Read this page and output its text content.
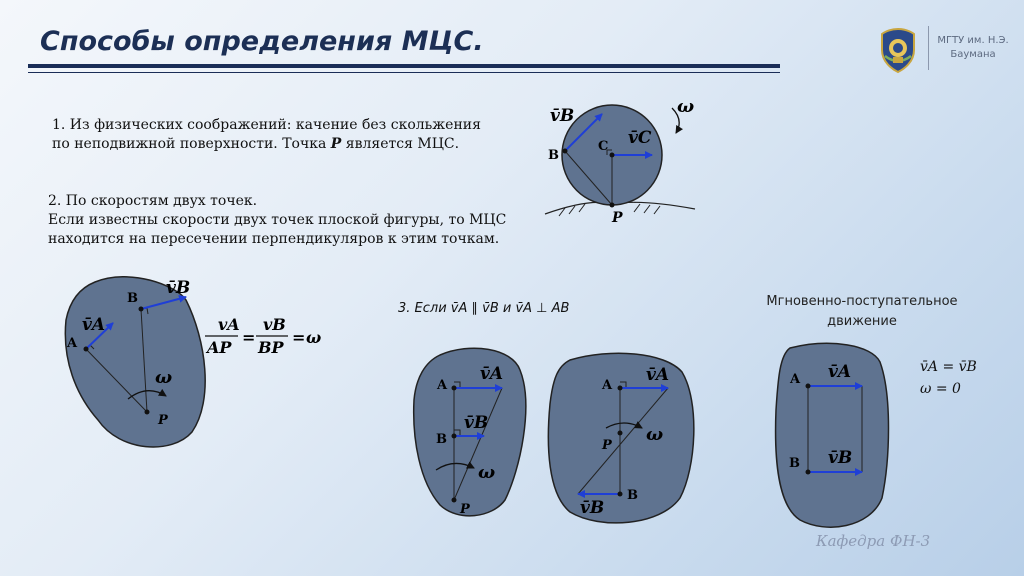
Способы определения МЦС.	МГТУ им. Н.Э.
Баумана
1. Из физических соображений: качение без скольжения
по неподвижной поверхности. Точка P является МЦС.
2. По скоростям двух точек.
Если известны скорости двух точек плоской фигуры, то МЦС
находится на пересечении перпендикуляров к этим точкам.
ω
v̄B
v̄C
B
C
P
ω
v̄B
v̄A
B
A
P
vA
AP
=
vB
BP
= ω
3. Если v̄A ∥ v̄B и v̄A ⊥ AB
ω
v̄A
v̄B
A
B
P
ω
v̄A
v̄B
A
B
P
v̄A
v̄B
A
B
Мгновенно-поступательное
движение
v̄A = v̄B
ω = 0
Кафедра ФН-3
